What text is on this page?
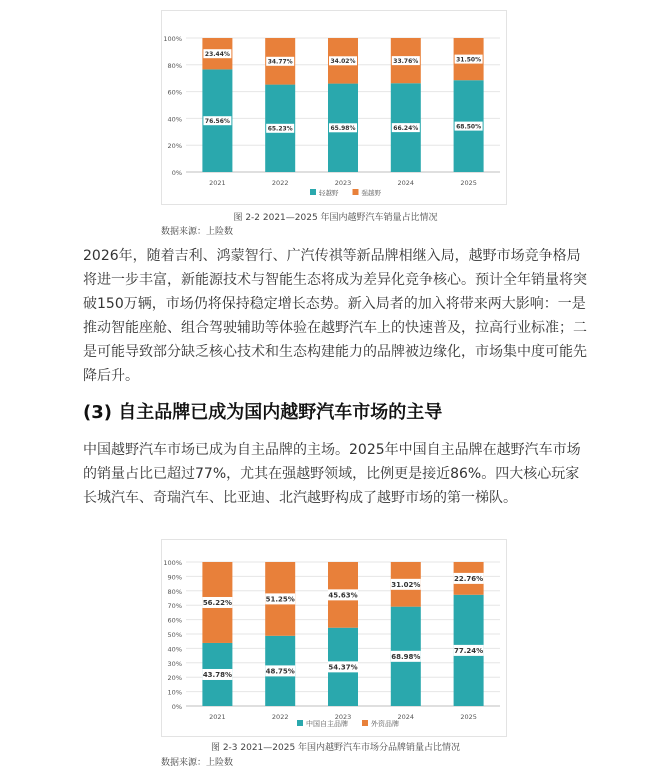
0%
20%
40%
60%
80%
100%
76.56%
23.44%
2021
65.23%
34.77%
2022
65.98%
34.02%
2023
66.24%
33.76%
2024
68.50%
31.50%
2025
轻越野	强越野
图 2-2 2021—2025 年国内越野汽车销量占比情况
数据来源：上险数

2026年，随着吉利、鸿蒙智行、广汽传祺等新品牌相继入局，越野市场竞争格局将进一步丰富，新能源技术与智能生态将成为差异化竞争核心。预计全年销量将突破150万辆，市场仍将保持稳定增长态势。新入局者的加入将带来两大影响：一是推动智能座舱、组合驾驶辅助等体验在越野汽车上的快速普及，拉高行业标准；二是可能导致部分缺乏核心技术和生态构建能力的品牌被边缘化，市场集中度可能先降后升。

(3) 自主品牌已成为国内越野汽车市场的主导

中国越野汽车市场已成为自主品牌的主场。2025年中国自主品牌在越野汽车市场的销量占比已超过77%，尤其在强越野领域，比例更是接近86%。四大核心玩家长城汽车、奇瑞汽车、比亚迪、北汽越野构成了越野市场的第一梯队。

0%
10%
20%
30%
40%
50%
60%
70%
80%
90%
100%
43.78%
56.22%
2021
48.75%
51.25%
2022
54.37%
45.63%
2023
68.98%
31.02%
2024
77.24%
22.76%
2025
中国自主品牌	外资品牌
图 2-3 2021—2025 年国内越野汽车市场分品牌销量占比情况
数据来源：上险数
